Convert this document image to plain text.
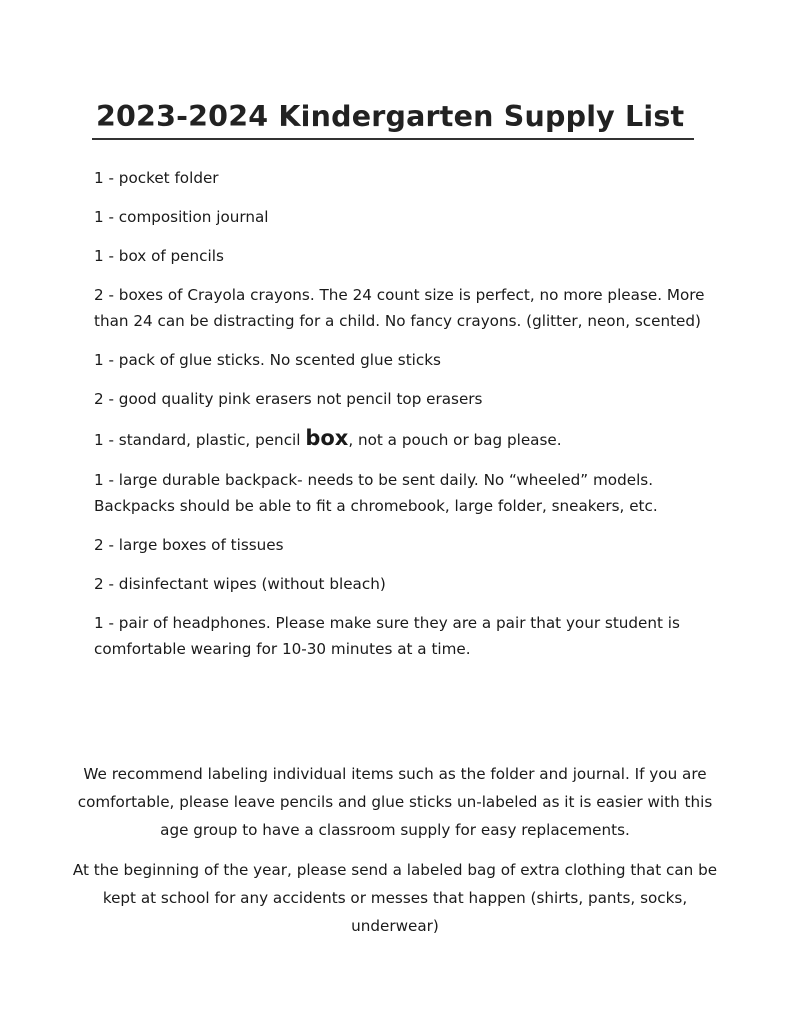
2023-2024 Kindergarten Supply List
1 - pocket folder
1 - composition journal
1 - box of pencils
2 - boxes of Crayola crayons. The 24 count size is perfect, no more please. More than 24 can be distracting for a child. No fancy crayons. (glitter, neon, scented)
1 - pack of glue sticks. No scented glue sticks
2 - good quality pink erasers not pencil top erasers
1 - standard, plastic, pencil box, not a pouch or bag please.
1 - large durable backpack- needs to be sent daily. No “wheeled” models. Backpacks should be able to fit a chromebook, large folder, sneakers, etc.
2 - large boxes of tissues
2 - disinfectant wipes (without bleach)
1 - pair of headphones. Please make sure they are a pair that your student is comfortable wearing for 10-30 minutes at a time.

We recommend labeling individual items such as the folder and journal. If you are comfortable, please leave pencils and glue sticks un-labeled as it is easier with this age group to have a classroom supply for easy replacements.

At the beginning of the year, please send a labeled bag of extra clothing that can be kept at school for any accidents or messes that happen (shirts, pants, socks, underwear)
